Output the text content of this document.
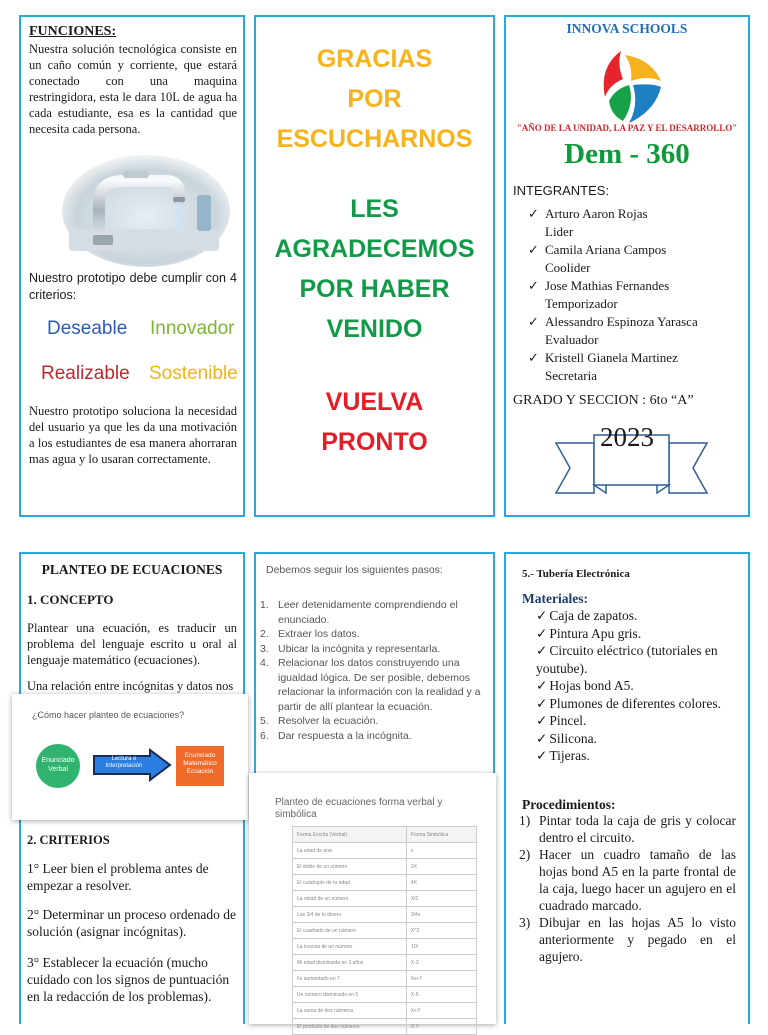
FUNCIONES:
Nuestra solución tecnológica consiste en un caño común y corriente, que estará conectado con una maquina restringidora, esta le dara 10L de agua ha cada estudiante, esa es la cantidad que necesita cada persona.
Nuestro prototipo debe cumplir con 4 criterios:
Deseable Innovador
Realizable Sostenible
Nuestro prototipo soluciona la necesidad del usuario ya que les da una motivación a los estudiantes de esa manera ahorraran mas agua y lo usaran correctamente.
GRACIAS
POR
ESCUCHARNOS
LES
AGRADECEMOS
POR HABER
VENIDO
VUELVA
PRONTO
INNOVA SCHOOLS
"AÑO DE LA UNIDAD, LA PAZ Y EL DESARROLLO"
Dem - 360
INTEGRANTES:
✓ Arturo Aaron Rojas
Lider
✓ Camila Ariana Campos
Coolider
✓ Jose Mathias Fernandes
Temporizador
✓ Alessandro Espinoza Yarasca
Evaluador
✓ Kristell Gianela Martinez
Secretaria
GRADO Y SECCION : 6to “A”
2023
PLANTEO DE ECUACIONES
1. CONCEPTO
Plantear una ecuación, es traducir un problema del lenguaje escrito u oral al lenguaje matemático (ecuaciones).
Una relación entre incógnitas y datos nos
2. CRITERIOS
1° Leer bien el problema antes de empezar a resolver.
2° Determinar un proceso ordenado de solución (asignar incógnitas).
3° Establecer la ecuación (mucho cuidado con los signos de puntuación en la redacción de los problemas).
¿Cómo hacer planteo de ecuaciones?
Enunciado Verbal
Lectura e Interpretación
Enunciado Matemático Ecuación
Debemos seguir los siguientes pasos:
1. Leer detenidamente comprendiendo el enunciado.
2. Extraer los datos.
3. Ubicar la incógnita y representarla.
4. Relacionar los datos construyendo una igualdad lógica. De ser posible, debemos relacionar la información con la realidad y a partir de allí plantear la ecuación.
5. Resolver la ecuación.
6. Dar respuesta a la incógnita.
Planteo de ecuaciones forma verbal y simbólica
Forma Escrita (Verbal)	Forma Simbólica
La edad de ana	x
El doble de un número	2X
El cuádruple de tu edad	4X
La mitad de un número	X/2
Los 3/4 de tu dinero	3/4x
El cuadrado de un número	X^2
La inversa de un número	1/X
Mi edad disminuida en 3 años	X-3
6x aumentado en 7	6x+7
Un número disminuido en 5	X-5
La suma de dos números	X+Y
El producto de dos números	X.Y
5.- Tubería Electrónica
Materiales:
✓ Caja de zapatos.
✓ Pintura Apu gris.
✓ Circuito eléctrico (tutoriales en youtube).
✓ Hojas bond A5.
✓ Plumones de diferentes colores.
✓ Pincel.
✓ Silicona.
✓ Tijeras.
Procedimientos:
1) Pintar toda la caja de gris y colocar dentro el circuito.
2) Hacer un cuadro tamaño de las hojas bond A5 en la parte frontal de la caja, luego hacer un agujero en el cuadrado marcado.
3) Dibujar en las hojas A5 lo visto anteriormente y pegado en el agujero.
